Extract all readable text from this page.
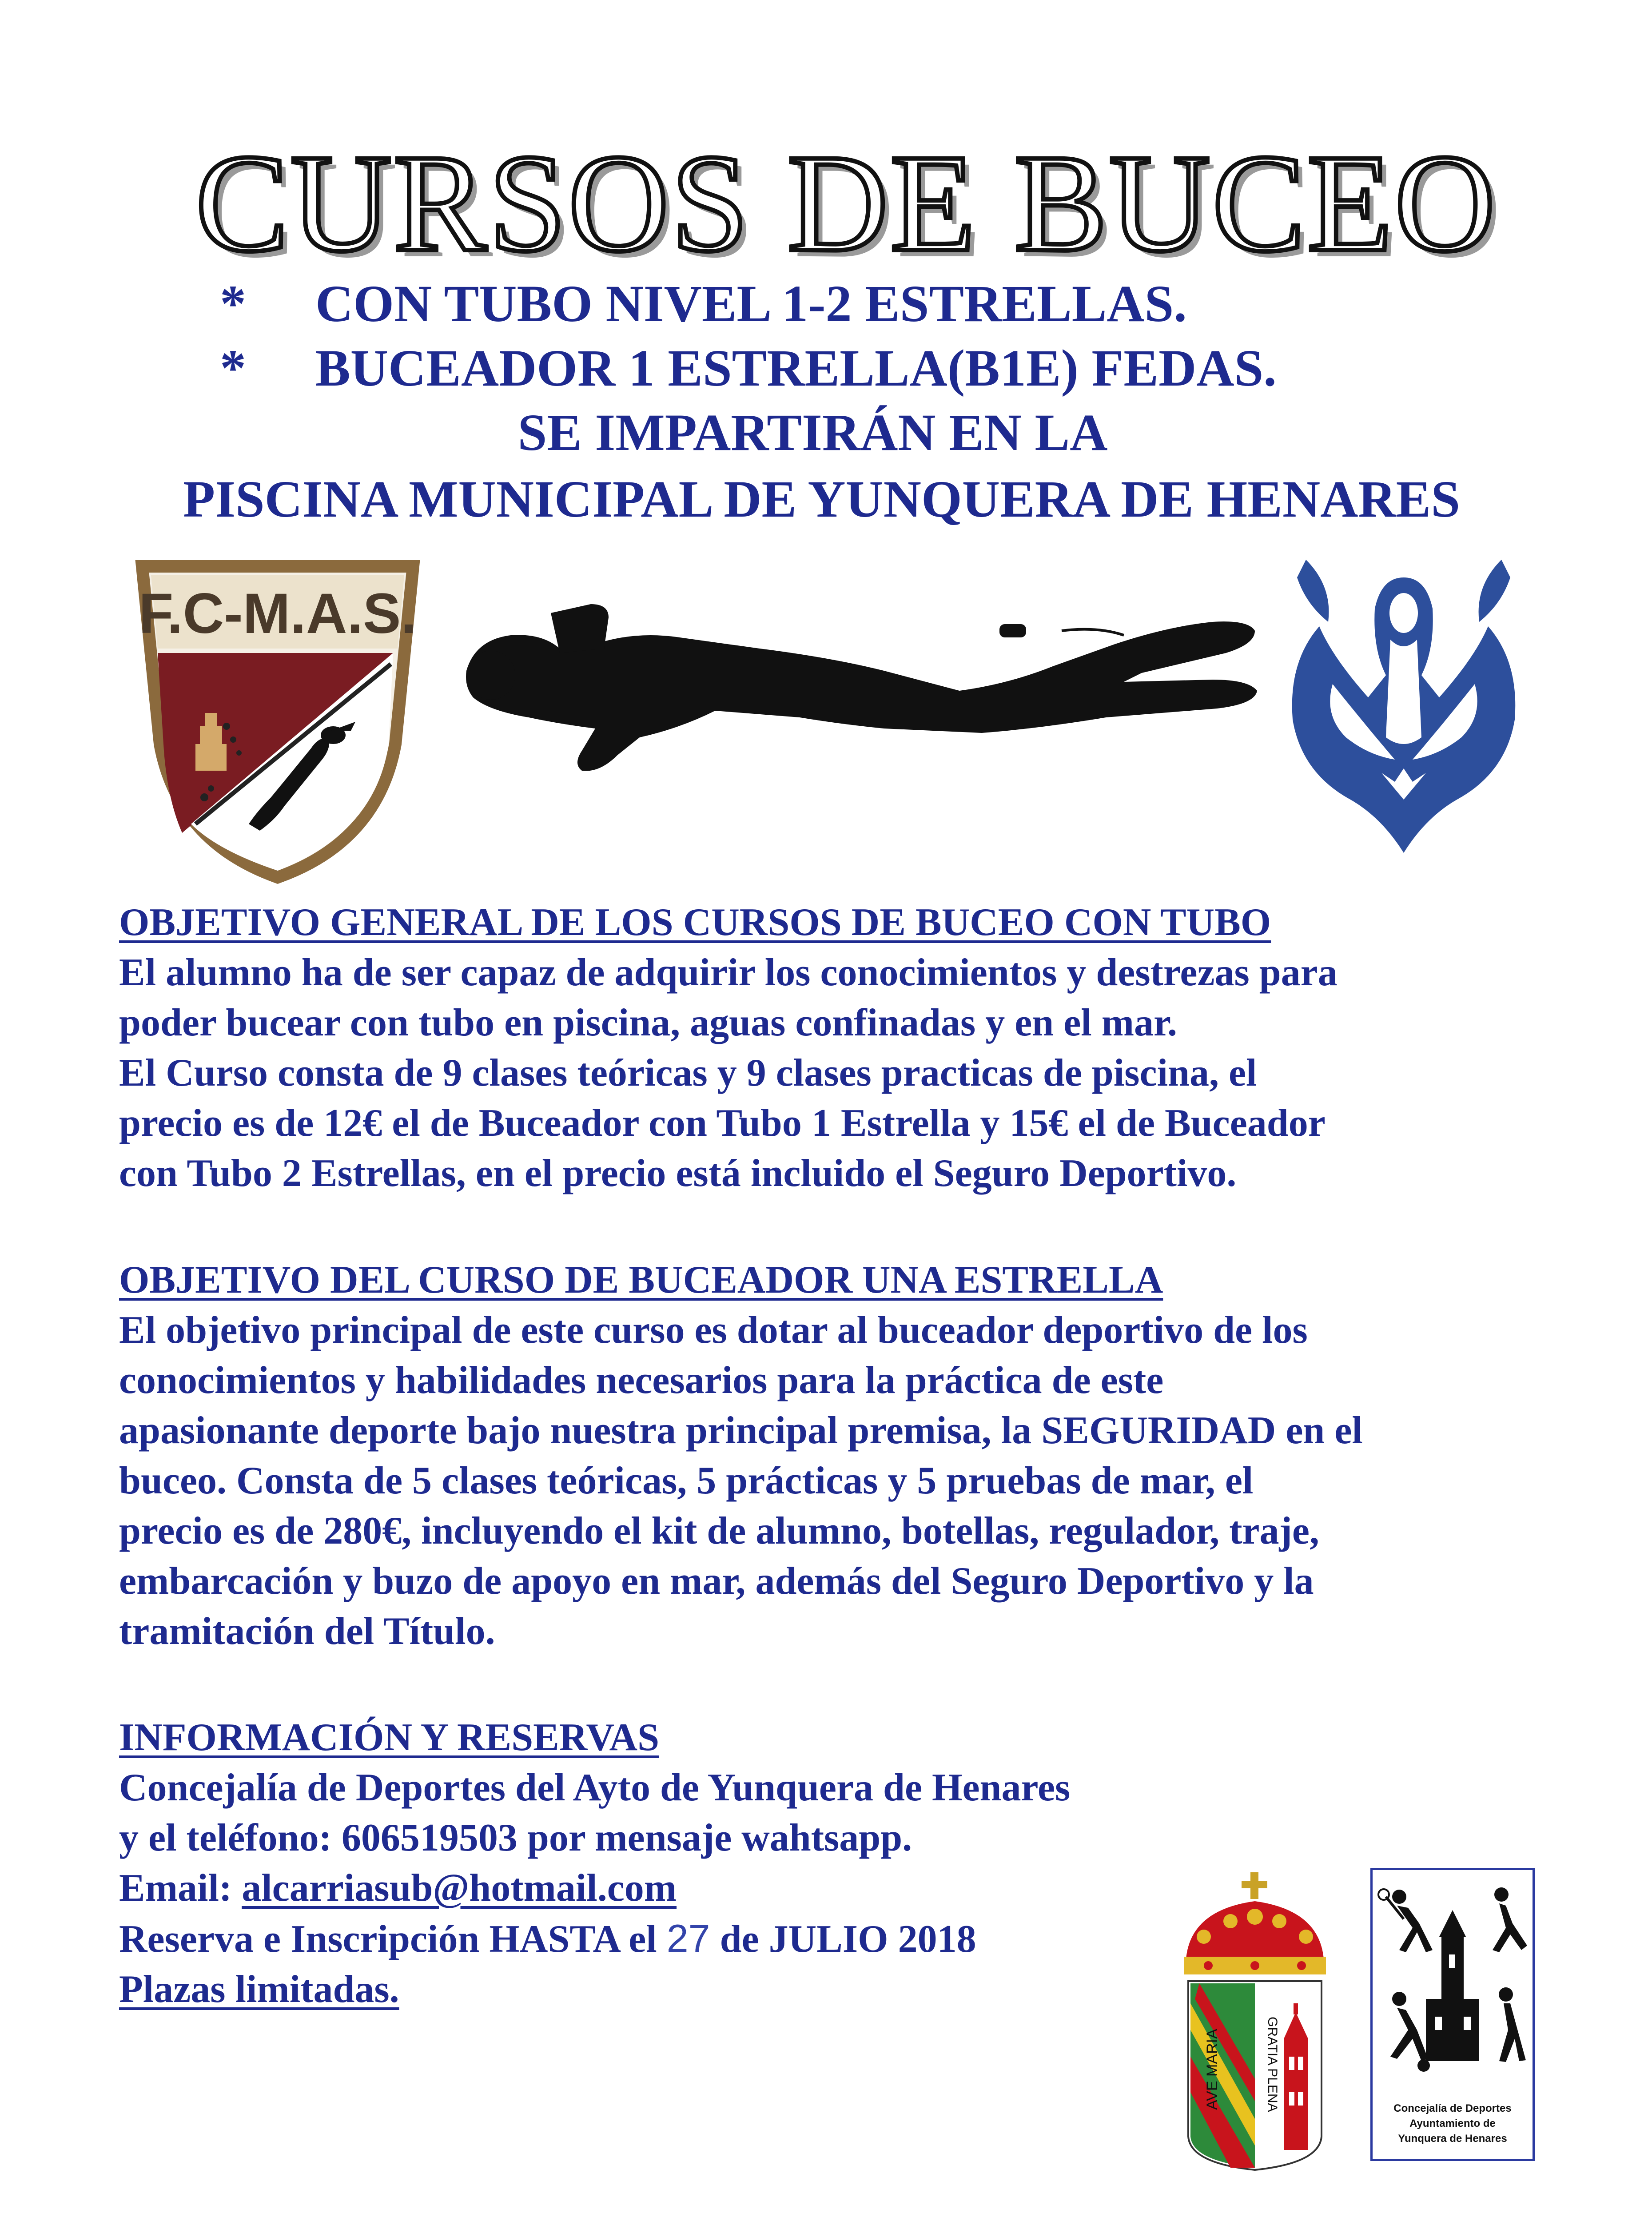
CURSOS DE BUCEO
* CON TUBO NIVEL 1-2 ESTRELLAS.
* BUCEADOR 1 ESTRELLA(B1E) FEDAS.
SE IMPARTIRÁN EN LA
PISCINA MUNICIPAL DE YUNQUERA DE HENARES
F.C-M.A.S.
OBJETIVO GENERAL DE LOS CURSOS DE BUCEO CON TUBO
El alumno ha de ser capaz de adquirir los conocimientos y destrezas para
poder bucear con tubo en piscina, aguas confinadas y en el mar.
El Curso consta de 9 clases teóricas y 9 clases practicas de piscina, el
precio es de 12€ el de Buceador con Tubo 1 Estrella y 15€ el de Buceador
con Tubo 2 Estrellas, en el precio está incluido el Seguro Deportivo.
OBJETIVO DEL CURSO DE BUCEADOR UNA ESTRELLA
El objetivo principal de este curso es dotar al buceador deportivo de los
conocimientos y habilidades necesarios para la práctica de este
apasionante deporte bajo nuestra principal premisa, la SEGURIDAD en el
buceo. Consta de 5 clases teóricas, 5 prácticas y 5 pruebas de mar, el
precio es de 280€, incluyendo el kit de alumno, botellas, regulador, traje,
embarcación y buzo de apoyo en mar, además del Seguro Deportivo y la
tramitación del Título.
INFORMACIÓN Y RESERVAS
Concejalía de Deportes del Ayto de Yunquera de Henares
y el teléfono: 606519503 por mensaje wahtsapp.
Email: alcarriasub@hotmail.com
Reserva e Inscripción HASTA el 27 de JULIO 2018
Plazas limitadas.
AVE MARIA	GRATIA PLENA	Concejalía de Deportes
Ayuntamiento de
Yunquera de Henares
